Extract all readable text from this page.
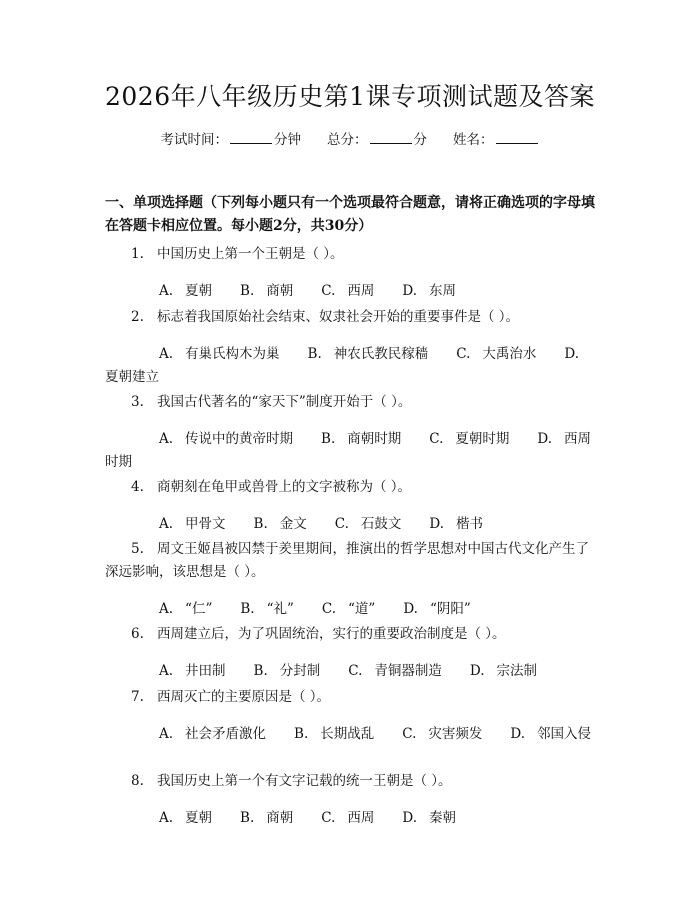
2026年八年级历史第1课专项测试题及答案
考试时间：	分钟 总分：	分 姓名：
一、单项选择题（下列每小题只有一个选项最符合题意，请将正确选项的字母填在答题卡相应位置。每小题2分，共30分）
1. 中国历史上第一个王朝是（ ）。
A. 夏朝 B. 商朝 C. 西周 D. 东周
2. 标志着我国原始社会结束、奴隶社会开始的重要事件是（ ）。
A. 有巢氏构木为巢 B. 神农氏教民稼穑 C. 大禹治水 D.夏朝建立
3. 我国古代著名的“家天下”制度开始于（ ）。
A. 传说中的黄帝时期 B. 商朝时期 C. 夏朝时期 D. 西周时期
4. 商朝刻在龟甲或兽骨上的文字被称为（ ）。
A. 甲骨文 B. 金文 C. 石鼓文 D. 楷书
5. 周文王姬昌被囚禁于羑里期间，推演出的哲学思想对中国古代文化产生了深远影响，该思想是（ ）。
A. “仁” B. “礼” C. “道” D. “阴阳”
6. 西周建立后，为了巩固统治，实行的重要政治制度是（ ）。
A. 井田制 B. 分封制 C. 青铜器制造 D. 宗法制
7. 西周灭亡的主要原因是（ ）。
A. 社会矛盾激化 B. 长期战乱 C. 灾害频发 D. 邻国入侵
8. 我国历史上第一个有文字记载的统一王朝是（ ）。
A. 夏朝 B. 商朝 C. 西周 D. 秦朝
